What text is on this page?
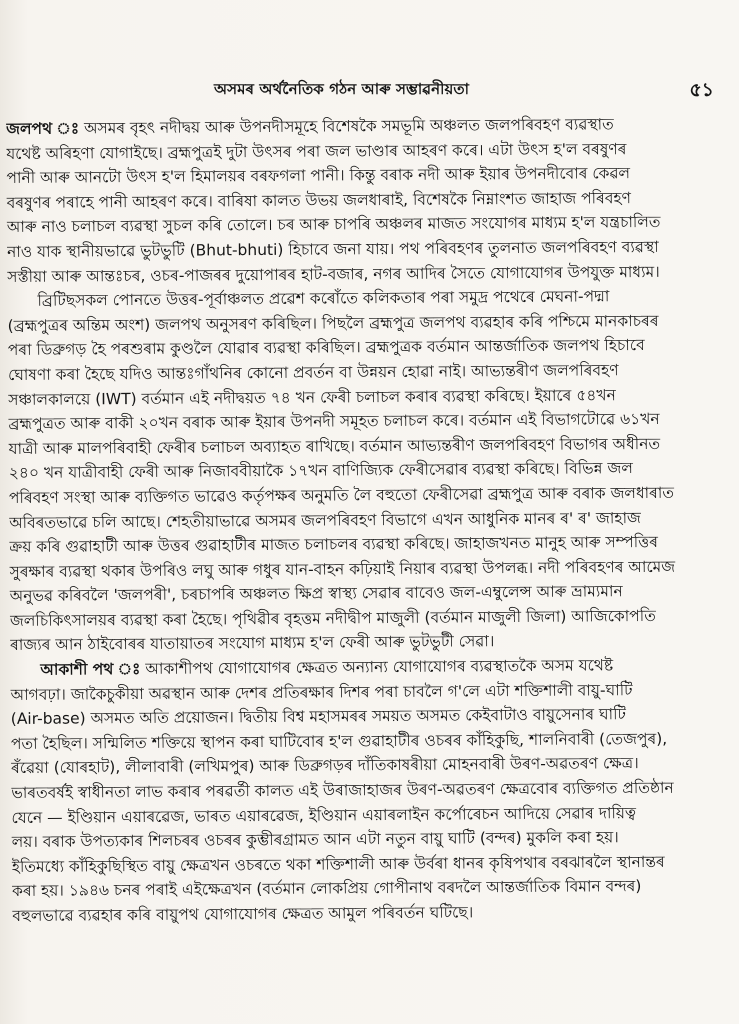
অসমৰ অৰ্থনৈতিক গঠন আৰু সম্ভাৱনীয়তা	৫১
জলপথ ঃ অসমৰ বৃহৎ নদীদ্বয় আৰু উপনদীসমূহে বিশেষকৈ সমভূমি অঞ্চলত জলপৰিবহণ ব্যৱস্থাত
যথেষ্ট অৰিহণা যোগাইছে। ব্ৰহ্মপুত্ৰই দুটা উৎসৰ পৰা জল ভাণ্ডাৰ আহৰণ কৰে। এটা উৎস হ'ল বৰষুণৰ
পানী আৰু আনটো উৎস হ'ল হিমালয়ৰ বৰফগলা পানী। কিন্তু বৰাক নদী আৰু ইয়াৰ উপনদীবোৰ কেৱল
বৰষুণৰ পৰাহে পানী আহৰণ কৰে। বাৰিষা কালত উভয় জলধাৰাই, বিশেষকৈ নিম্নাংশত জাহাজ পৰিবহণ
আৰু নাও চলাচল ব্যৱস্থা সুচল কৰি তোলে। চৰ আৰু চাপৰি অঞ্চলৰ মাজত সংযোগৰ মাধ্যম হ'ল যন্ত্ৰচালিত
নাও যাক স্থানীয়ভাৱে ভুটভুটি (Bhut-bhuti) হিচাবে জনা যায়। পথ পৰিবহণৰ তুলনাত জলপৰিবহণ ব্যৱস্থা
সস্তীয়া আৰু আন্তঃচৰ, ওচৰ-পাজৰৰ দুয়োপাৰৰ হাট-বজাৰ, নগৰ আদিৰ সৈতে যোগাযোগৰ উপযুক্ত মাধ্যম।
ব্ৰিটিছসকল পোনতে উত্তৰ-পূৰ্বাঞ্চলত প্ৰৱেশ কৰোঁতে কলিকতাৰ পৰা সমুদ্ৰ পথেৰে মেঘনা-পদ্মা
(ব্ৰহ্মপুত্ৰৰ অন্তিম অংশ) জলপথ অনুসৰণ কৰিছিল। পিছলৈ ব্ৰহ্মপুত্ৰ জলপথ ব্যৱহাৰ কৰি পশ্চিমে মানকাচৰৰ
পৰা ডিব্ৰুগড় হৈ পৰশুৰাম কুণ্ডলৈ যোৱাৰ ব্যৱস্থা কৰিছিল। ব্ৰহ্মপুত্ৰক বৰ্তমান আন্তৰ্জাতিক জলপথ হিচাবে
ঘোষণা কৰা হৈছে যদিও আন্তঃগাঁথনিৰ কোনো প্ৰবৰ্তন বা উন্নয়ন হোৱা নাই। আভ্যন্তৰীণ জলপৰিবহণ
সঞ্চালকালয়ে (IWT) বৰ্তমান এই নদীদ্বয়ত ৭৪ খন ফেৰী চলাচল কৰাৰ ব্যৱস্থা কৰিছে। ইয়াৰে ৫৪খন
ব্ৰহ্মপুত্ৰত আৰু বাকী ২০খন বৰাক আৰু ইয়াৰ উপনদী সমূহত চলাচল কৰে। বৰ্তমান এই বিভাগটোৱে ৬১খন
যাত্ৰী আৰু মালপৰিবাহী ফেৰীৰ চলাচল অব্যাহত ৰাখিছে। বৰ্তমান আভ্যন্তৰীণ জলপৰিবহণ বিভাগৰ অধীনত
২৪০ খন যাত্ৰীবাহী ফেৰী আৰু নিজাববীয়াকৈ ১৭খন বাণিজ্যিক ফেৰীসেৱাৰ ব্যৱস্থা কৰিছে। বিভিন্ন জল
পৰিবহণ সংস্থা আৰু ব্যক্তিগত ভাৱেও কৰ্তৃপক্ষৰ অনুমতি লৈ বহুতো ফেৰীসেৱা ব্ৰহ্মপুত্ৰ আৰু বৰাক জলধাৰাত
অবিৰতভাৱে চলি আছে। শেহতীয়াভাৱে অসমৰ জলপৰিবহণ বিভাগে এখন আধুনিক মানৰ ৰ' ৰ' জাহাজ
ক্ৰয় কৰি গুৱাহাটী আৰু উত্তৰ গুৱাহাটীৰ মাজত চলাচলৰ ব্যৱস্থা কৰিছে। জাহাজখনত মানুহ আৰু সম্পত্তিৰ
সুৰক্ষাৰ ব্যৱস্থা থকাৰ উপৰিও লঘু আৰু গধুৰ যান-বাহন কঢ়িয়াই নিয়াৰ ব্যৱস্থা উপলব্ধ। নদী পৰিবহণৰ আমেজ
অনুভৱ কৰিবলৈ 'জলপৰী', চৰচাপৰি অঞ্চলত ক্ষিপ্ৰ স্বাস্থ্য সেৱাৰ বাবেও জল-এম্বুলেন্স আৰু ভ্ৰাম্যমান
জলচিকিৎসালয়ৰ ব্যৱস্থা কৰা হৈছে। পৃথিৱীৰ বৃহত্তম নদীদ্বীপ মাজুলী (বৰ্তমান মাজুলী জিলা) আজিকোপতি
ৰাজ্যৰ আন ঠাইবোৰৰ যাতায়াতৰ সংযোগ মাধ্যম হ'ল ফেৰী আৰু ভুটভুটী সেৱা।
আকাশী পথ ঃ আকাশীপথ যোগাযোগৰ ক্ষেত্ৰত অন্যান্য যোগাযোগৰ ব্যৱস্থাতকৈ অসম যথেষ্ট
আগবঢ়া। জাকৈচুকীয়া অৱস্থান আৰু দেশৰ প্ৰতিৰক্ষাৰ দিশৰ পৰা চাবলৈ গ'লে এটা শক্তিশালী বায়ু-ঘাটি
(Air-base) অসমত অতি প্ৰয়োজন। দ্বিতীয় বিশ্ব মহাসমৰৰ সময়ত অসমত কেইবাটাও বায়ুসেনাৰ ঘাটি
পতা হৈছিল। সন্মিলিত শক্তিয়ে স্থাপন কৰা ঘাটিবোৰ হ'ল গুৱাহাটীৰ ওচৰৰ কাঁহিকুছি, শালনিবাৰী (তেজপুৰ),
ৰঁৱেয়া (যোৰহাট), লীলাবাৰী (লখিমপুৰ) আৰু ডিব্ৰুগড়ৰ দাঁতিকাষৰীয়া মোহনবাৰী উৰণ-অৱতৰণ ক্ষেত্ৰ।
ভাৰতবৰ্ষই স্বাধীনতা লাভ কৰাৰ পৰৱৰ্তী কালত এই উৰাজাহাজৰ উৰণ-অৱতৰণ ক্ষেত্ৰবোৰ ব্যক্তিগত প্ৰতিষ্ঠান
যেনে — ইণ্ডিয়ান এয়াৰৱেজ, ভাৰত এয়াৰৱেজ, ইণ্ডিয়ান এয়াৰলাইন কৰ্পোৰেচন আদিয়ে সেৱাৰ দায়িত্ব
লয়। বৰাক উপত্যকাৰ শিলচৰৰ ওচৰৰ কুম্ভীৰগ্ৰামত আন এটা নতুন বায়ু ঘাটি (বন্দৰ) মুকলি কৰা হয়।
ইতিমধ্যে কাঁহিকুছিস্থিত বায়ু ক্ষেত্ৰখন ওচৰতে থকা শক্তিশালী আৰু উৰ্বৰা ধানৰ কৃষিপথাৰ বৰঝাৰলৈ স্থানান্তৰ
কৰা হয়। ১৯৪৬ চনৰ পৰাই এইক্ষেত্ৰখন (বৰ্তমান লোকপ্ৰিয় গোপীনাথ বৰদলৈ আন্তৰ্জাতিক বিমান বন্দৰ)
বহুলভাৱে ব্যৱহাৰ কৰি বায়ুপথ যোগাযোগৰ ক্ষেত্ৰত আমুল পৰিবৰ্তন ঘটিছে।
